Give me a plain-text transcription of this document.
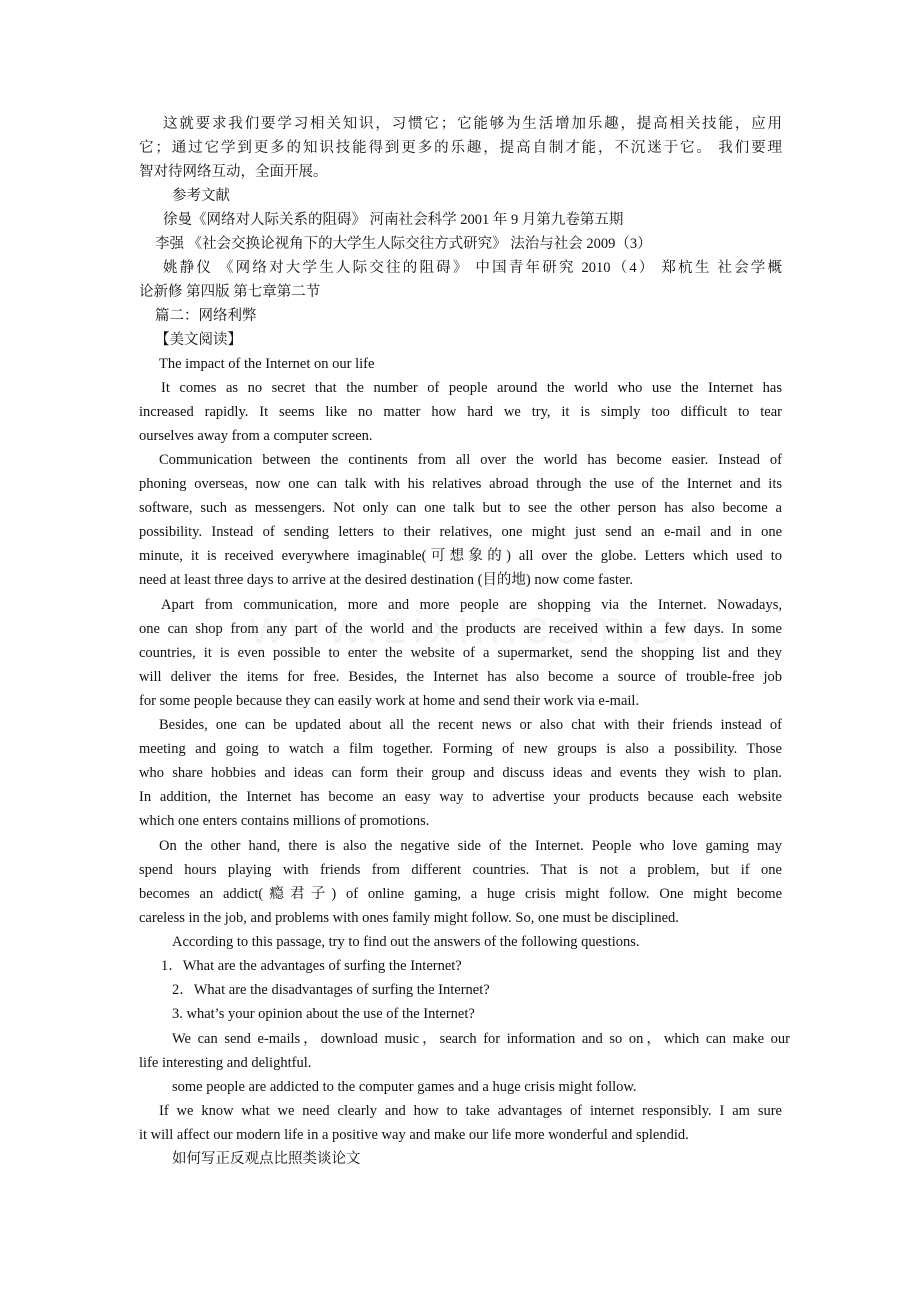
这就要求我们要学习相关知识，习惯它；它能够为生活增加乐趣，提高相关技能，应用
它；通过它学到更多的知识技能得到更多的乐趣，提高自制才能，不沉迷于它。 我们要理
智对待网络互动，全面开展。
参考文献
徐曼《网络对人际关系的阻碍》 河南社会科学 2001 年 9 月第九卷第五期
李强 《社会交换论视角下的大学生人际交往方式研究》 法治与社会 2009（3）
姚静仪 《网络对大学生人际交往的阻碍》 中国青年研究 2010（4） 郑杭生 社会学概
论新修 第四版 第七章第二节
篇二：网络利弊
【美文阅读】
The impact of the Internet on our life
It comes as no secret that the number of people around the world who use the Internet has
increased rapidly. It seems like no matter how hard we try, it is simply too difficult to tear
ourselves away from a computer screen.
Communication between the continents from all over the world has become easier. Instead of
phoning overseas, now one can talk with his relatives abroad through the use of the Internet and its
software, such as messengers. Not only can one talk but to see the other person has also become a
possibility. Instead of sending letters to their relatives, one might just send an e-mail and in one
minute, it is received everywhere imaginable(可想象的) all over the globe. Letters which used to
need at least three days to arrive at the desired destination (目的地) now come faster.
Apart from communication, more and more people are shopping via the Internet. Nowadays,
one can shop from any part of the world and the products are received within a few days. In some
countries, it is even possible to enter the website of a supermarket, send the shopping list and they
will deliver the items for free. Besides, the Internet has also become a source of trouble-free job
for some people because they can easily work at home and send their work via e-mail.
Besides, one can be updated about all the recent news or also chat with their friends instead of
meeting and going to watch a film together. Forming of new groups is also a possibility. Those
who share hobbies and ideas can form their group and discuss ideas and events they wish to plan.
In addition, the Internet has become an easy way to advertise your products because each website
which one enters contains millions of promotions.
On the other hand, there is also the negative side of the Internet. People who love gaming may
spend hours playing with friends from different countries. That is not a problem, but if one
becomes an addict(瘾君子) of online gaming, a huge crisis might follow. One might become
careless in the job, and problems with ones family might follow. So, one must be disciplined.
According to this passage, try to find out the answers of the following questions.
1．What are the advantages of surfing the Internet?
2．What are the disadvantages of surfing the Internet?
3. what’s your opinion about the use of the Internet?
We can send e-mails，download music，search for information and so on，which can make our
life interesting and delightful.
some people are addicted to the computer games and a huge crisis might follow.
If we know what we need clearly and how to take advantages of internet responsibly. I am sure
it will affect our modern life in a positive way and make our life more wonderful and splendid.
如何写正反观点比照类谈论文
